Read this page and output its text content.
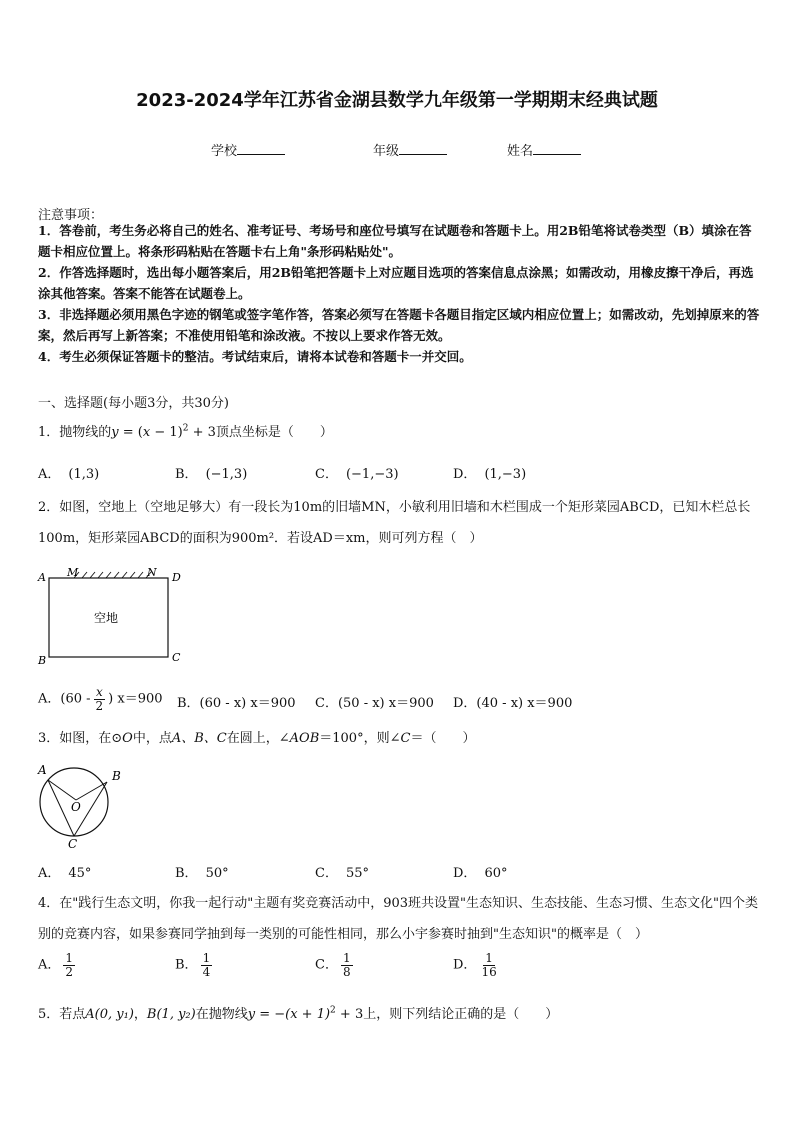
2023-2024学年江苏省金湖县数学九年级第一学期期末经典试题
学校	年级	姓名
注意事项：
1．答卷前，考生务必将自己的姓名、准考证号、考场号和座位号填写在试题卷和答题卡上。用2B铅笔将试卷类型（B）填涂在答题卡相应位置上。将条形码粘贴在答题卡右上角"条形码粘贴处"。
2．作答选择题时，选出每小题答案后，用2B铅笔把答题卡上对应题目选项的答案信息点涂黑；如需改动，用橡皮擦干净后，再选涂其他答案。答案不能答在试题卷上。
3．非选择题必须用黑色字迹的钢笔或签字笔作答，答案必须写在答题卡各题目指定区域内相应位置上；如需改动，先划掉原来的答案，然后再写上新答案；不准使用铅笔和涂改液。不按以上要求作答无效。
4．考生必须保证答题卡的整洁。考试结束后，请将本试卷和答题卡一并交回。
一、选择题(每小题3分，共30分)
1．抛物线的$y = (x - 1)^2 + 3$顶点坐标是（　　）
A． (1,3)	B． (−1,3)	C． (−1,−3)	D． (1,−3)
2．如图，空地上（空地足够大）有一段长为10m的旧墙MN，小敏利用旧墙和木栏围成一个矩形菜园ABCD，已知木栏总长100m，矩形菜园ABCD的面积为900m²．若设AD＝xm，则可列方程（　）
A M	N D
B	C
空地
A．($60 - \frac{x}{2}$ ) x＝900 B．(60 - x) x＝900 C．(50 - x) x＝900 D．(40 - x) x＝900
3．如图，在⊙O中，点A、B、C在圆上，∠AOB＝100°，则∠C＝（　　）
A	B
O
C
A． 45°	B． 50°	C． 55°	D． 60°
4．在"践行生态文明，你我一起行动"主题有奖竞赛活动中，903班共设置"生态知识、生态技能、生态习惯、生态文化"四个类别的竞赛内容，如果参赛同学抽到每一类别的可能性相同，那么小宇参赛时抽到"生态知识"的概率是（　）
A． $\frac{1}{2}$	B． $\frac{1}{4}$	C． $\frac{1}{8}$	D． $\frac{1}{16}$
5．若点A(0, y₁)，B(1, y₂)在抛物线$y = -(x + 1)^2 + 3$上，则下列结论正确的是（　　）
